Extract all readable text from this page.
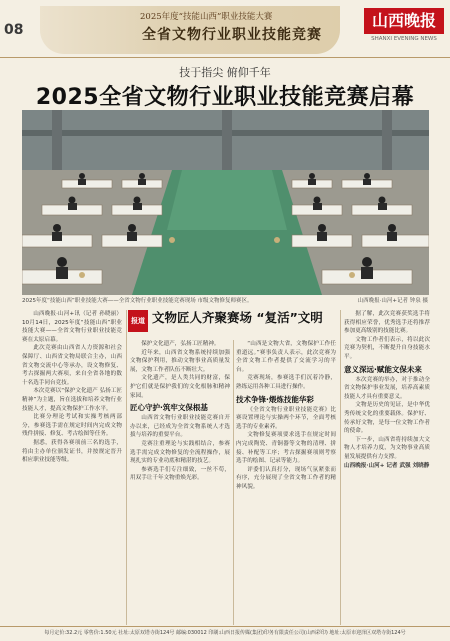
08
2025年度“技能山西”职业技能大赛
全省文物行业职业技能竞赛
山西晚报
SHANXI EVENING NEWS
技于指尖 俯仰千年
2025全省文物行业职业技能竞赛启幕
2025年度“技能山西”职业技能大赛——全省文物行业职业技能竞赛现场 市级文物修复师赛区。	山西晚报·山河+记者 钟泉 摄
报道 文物匠人齐聚赛场 “复活”文明

山西晚报·山河+讯（记者 孙晓丽）10月14日，2025年度“技能山西”职业技能大赛——全省文物行业职业技能竞赛在太原启幕。

此次竞赛由山西省人力资源和社会保障厅、山西省文物局联合主办，山西省文物交流中心等承办，设文物修复、考古探掘两大赛项，来自全省各地的数十名选手同台竞技。

本次竞赛以“保护文化遗产 弘扬工匠精神”为主题，旨在选拔和培养文物行业技能人才，提高文物保护工作水平。

比赛分理论考试和实操考核两部分，参赛选手需在规定时间内完成文物残件拼接、修复、考古绘图等任务。

据悉，获得各赛项前三名的选手，将由主办单位颁发证书，并按规定晋升相应职业技能等级。

保护文化遗产，弘扬工匠精神。

近年来，山西省文物系统持续加强文物保护利用，推动文物事业高质量发展，文物工作者队伍不断壮大。

文化遗产，是人类共同的财富，保护它们就是保护我们的文化根脉和精神家园。

匠心守护·筑牢文保根基

山西省文物行业职业技能竞赛自开办以来，已经成为全省文物系统人才选拔与培养的重要平台。

竞赛注重理论与实践相结合，参赛选手需完成文物修复的全流程操作，展现扎实的专业功底和精湛的技艺。

参赛选手们专注细致，一丝不苟，用双手让千年文物重焕光彩。

“山西是文物大省，文物保护工作任重道远。”赛事负责人表示，此次竞赛为全省文物工作者提供了交流学习的平台。

竞赛现场，参赛选手们沉着冷静，熟练运用各种工具进行操作。

技术争锋·煨炼技能华彩

《全省文物行业职业技能竞赛》比赛设置理论与实操两个环节，全面考核选手的专业素养。

文物修复赛项要求选手在规定时间内完成陶瓷、青铜器等文物的清理、拼接、补配等工序；考古探掘赛项则考察选手的绘图、记录等能力。

评委们认真打分，现场气氛紧张而有序，充分展现了全省文物工作者的精神风貌。

据了解，此次竞赛获奖选手将获得相应荣誉，优秀选手还将推荐参加更高级别的技能比赛。

文物工作者们表示，将以此次竞赛为契机，不断提升自身技能水平。

意义深远·赋能文保未来

本次竞赛的举办，对于推动全省文物保护事业发展，培养高素质技能人才具有重要意义。

文物是历史的见证，是中华优秀传统文化的重要载体。保护好、传承好文物，是每一位文物工作者的使命。

下一步，山西省将持续加大文物人才培养力度，为文物事业高质量发展提供有力支撑。

山西晚报·山河+ 记者 武强 刘晓静

每月定价:32.2元 零售价:1.50元 社址:太原双塔寺街124号 邮编:030012 印刷:山西日报传媒(集团)印务有限责任公司(山西彩印) 地址:太原市迎泽区双塔寺街124号
